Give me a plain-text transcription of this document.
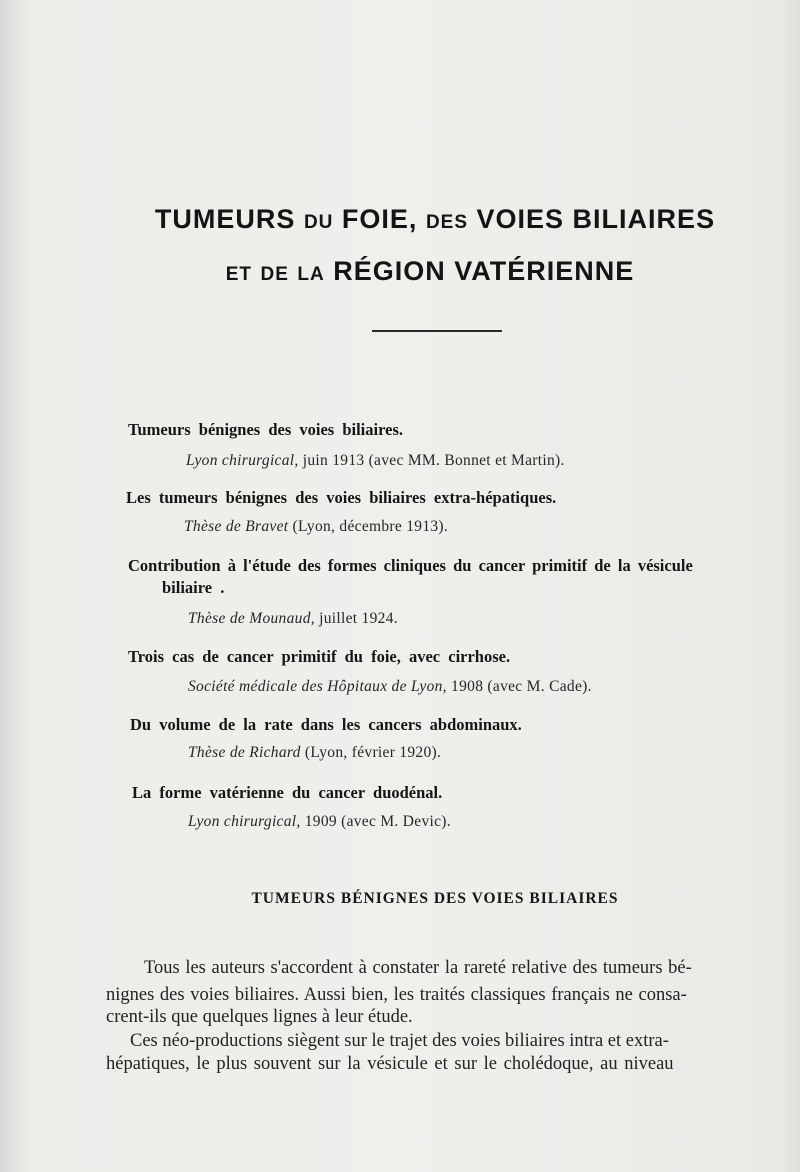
TUMEURS DU FOIE, DES VOIES BILIAIRES
ET DE LA RÉGION VATÉRIENNE
Tumeurs bénignes des voies biliaires.
Lyon chirurgical, juin 1913 (avec MM. Bonnet et Martin).
Les tumeurs bénignes des voies biliaires extra-hépatiques.
Thèse de Bravet (Lyon, décembre 1913).
Contribution à l'étude des formes cliniques du cancer primitif de la vésicule
biliaire .
Thèse de Mounaud, juillet 1924.
Trois cas de cancer primitif du foie, avec cirrhose.
Société médicale des Hôpitaux de Lyon, 1908 (avec M. Cade).
Du volume de la rate dans les cancers abdominaux.
Thèse de Richard (Lyon, février 1920).
La forme vatérienne du cancer duodénal.
Lyon chirurgical, 1909 (avec M. Devic).
TUMEURS BÉNIGNES DES VOIES BILIAIRES
Tous les auteurs s'accordent à constater la rareté relative des tumeurs bé-
nignes des voies biliaires. Aussi bien, les traités classiques français ne consa-
crent-ils que quelques lignes à leur étude.
Ces néo-productions siègent sur le trajet des voies biliaires intra et extra-
hépatiques, le plus souvent sur la vésicule et sur le cholédoque, au niveau
